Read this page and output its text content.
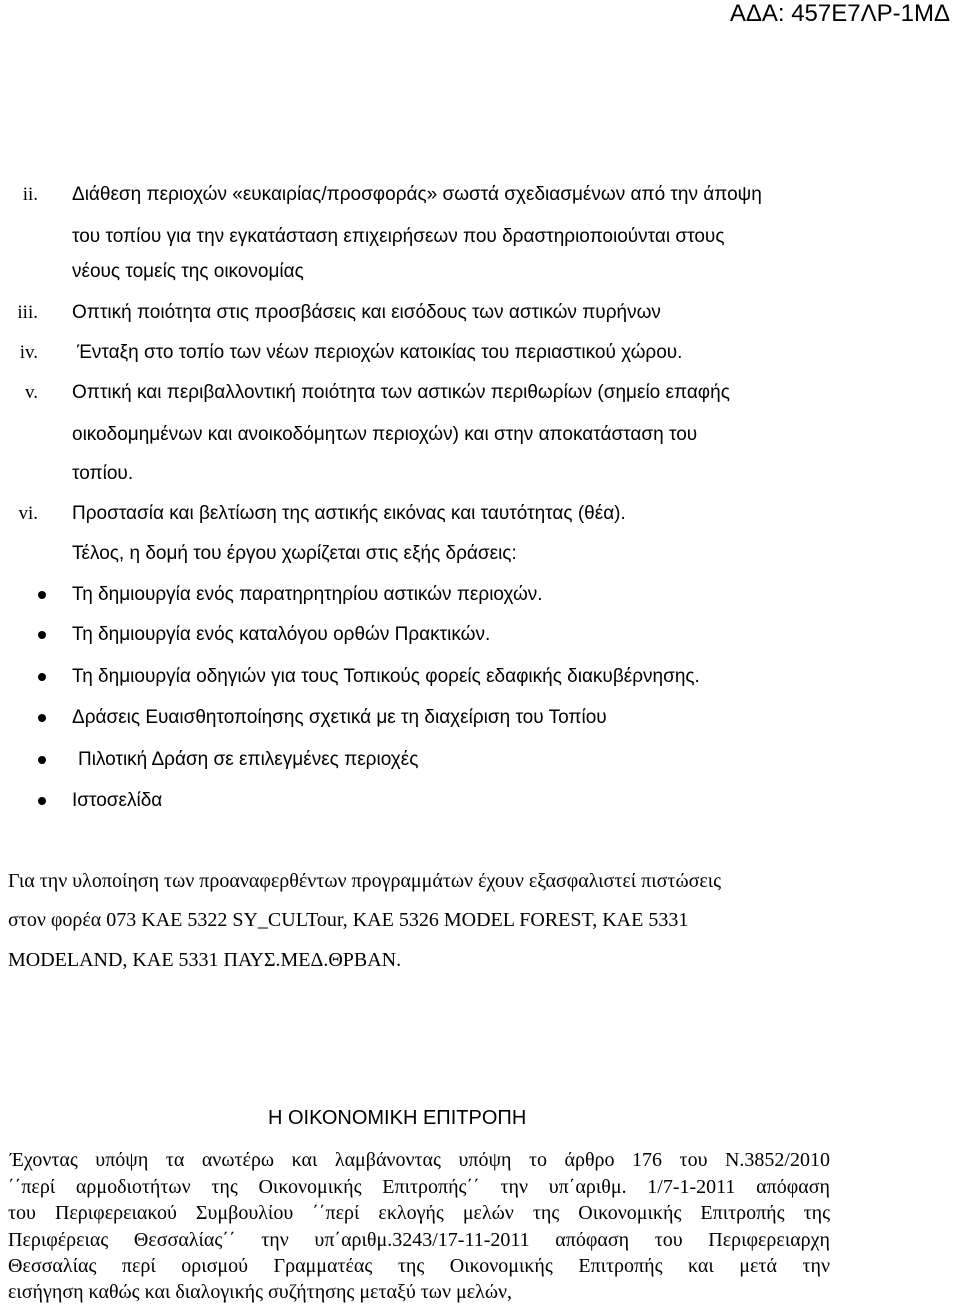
ΑΔΑ: 457Ε7ΛΡ-1ΜΔ
ii. Διάθεση περιοχών «ευκαιρίας/προσφοράς» σωστά σχεδιασμένων από την άποψη
του τοπίου για την εγκατάσταση επιχειρήσεων που δραστηριοποιούνται στους
νέους τομείς της οικονομίας
iii. Οπτική ποιότητα στις προσβάσεις και εισόδους των αστικών πυρήνων
iv. Ένταξη στο τοπίο των νέων περιοχών κατοικίας του περιαστικού χώρου.
v. Οπτική και περιβαλλοντική ποιότητα των αστικών περιθωρίων (σημείο επαφής
οικοδομημένων και ανοικοδόμητων περιοχών) και στην αποκατάσταση του
τοπίου.
vi. Προστασία και βελτίωση της αστικής εικόνας και ταυτότητας (θέα).
Τέλος, η δομή του έργου χωρίζεται στις εξής δράσεις:
Τη δημιουργία ενός παρατηρητηρίου αστικών περιοχών.
Τη δημιουργία ενός καταλόγου ορθών Πρακτικών.
Τη δημιουργία οδηγιών για τους Τοπικούς φορείς εδαφικής διακυβέρνησης.
Δράσεις Ευαισθητοποίησης σχετικά με τη διαχείριση του Τοπίου
Πιλοτική Δράση σε επιλεγμένες περιοχές
Ιστοσελίδα
Για την υλοποίηση των προαναφερθέντων προγραμμάτων έχουν εξασφαλιστεί πιστώσεις
στον φορέα 073 ΚΑΕ 5322 SY_CULTour, ΚΑΕ 5326 MODEL FOREST, ΚΑΕ 5331
MODELAND, ΚΑΕ 5331 ΠΑΥΣ.ΜΕΔ.ΘΡΒΑΝ.
Η ΟΙΚΟΝΟΜΙΚΗ ΕΠΙΤΡΟΠΗ
Έχοντας υπόψη τα ανωτέρω και λαμβάνοντας υπόψη το άρθρο 176 του Ν.3852/2010
΄΄περί αρμοδιοτήτων της Οικονομικής Επιτροπής΄΄ την υπ΄αριθμ. 1/7-1-2011 απόφαση
του Περιφερειακού Συμβουλίου ΄΄περί εκλογής μελών της Οικονομικής Επιτροπής της
Περιφέρειας Θεσσαλίας΄΄ την υπ΄αριθμ.3243/17-11-2011 απόφαση του Περιφερειαρχη
Θεσσαλίας περί ορισμού Γραμματέας της Οικονομικής Επιτροπής και μετά την
εισήγηση καθώς και διαλογικής συζήτησης μεταξύ των μελών,
